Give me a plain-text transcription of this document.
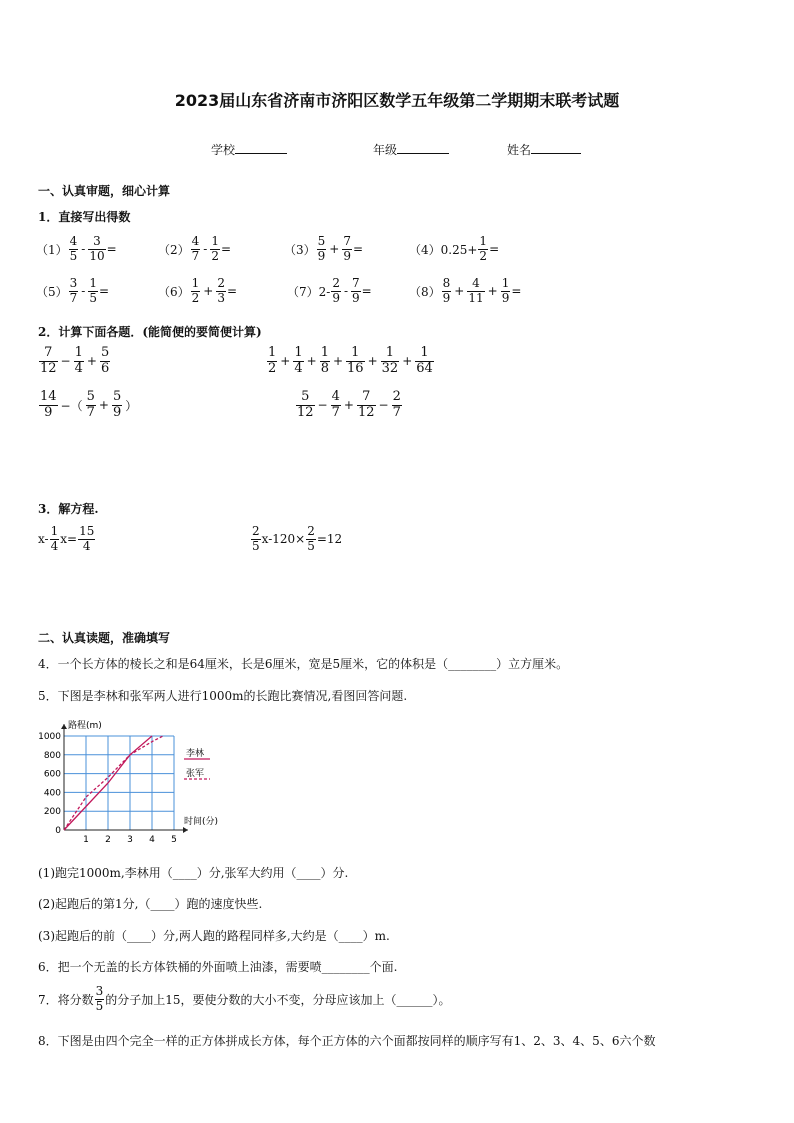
2023届山东省济南市济阳区数学五年级第二学期期末联考试题
学校	年级	姓名
一、认真审题，细心计算
1．直接写出得数
$(1) \frac{4}{5} - \frac{3}{10}$ =	$(2) \frac{4}{7} - \frac{1}{2}$ =	$(3) \frac{5}{9} + \frac{7}{9}$ =	$(4)0.25+ \frac{1}{2}$ =
$(5) \frac{3}{7} - \frac{1}{5}$ =	$(6) \frac{1}{2} + \frac{2}{3}$ =	$(7)2- \frac{2}{9} - \frac{7}{9}$ =	$(8) \frac{8}{9} + \frac{4}{11} + \frac{1}{9}$ =
2．计算下面各题．(能简便的要简便计算)
$\frac{7}{12} - \frac{1}{4} + \frac{5}{6}$	$\frac{1}{2} + \frac{1}{4} + \frac{1}{8} + \frac{1}{16} + \frac{1}{32} + \frac{1}{64}$
$\frac{14}{9}$ −（ $\frac{5}{7} + \frac{5}{9}$ ）	$\frac{5}{12} - \frac{4}{7} + \frac{7}{12} - \frac{2}{7}$
3．解方程.
$x- \frac{1}{4} x= \frac{15}{4}$	$\frac{2}{5} x-120\times \frac{2}{5} =12$
二、认真读题，准确填写
4．一个长方体的棱长之和是64厘米，长是6厘米，宽是5厘米，它的体积是（________）立方厘米。
5．下图是李林和张军两人进行1000m的长跑比赛情况,看图回答问题.
1 2 3 4 5
0
200
400
600
800
1000
路程(m)
时间(分)
李林
张军
(1)跑完1000m,李林用（____）分,张军大约用（____）分.
(2)起跑后的第1分,（____）跑的速度快些.
(3)起跑后的前（____）分,两人跑的路程同样多,大约是（____）m.
6．把一个无盖的长方体铁桶的外面喷上油漆，需要喷________个面.
7．将分数 $\frac{3}{5}$ 的分子加上15，要使分数的大小不变，分母应该加上（______）。
8．下图是由四个完全一样的正方体拼成长方体，每个正方体的六个面都按同样的顺序写有1、2、3、4、5、6六个数
